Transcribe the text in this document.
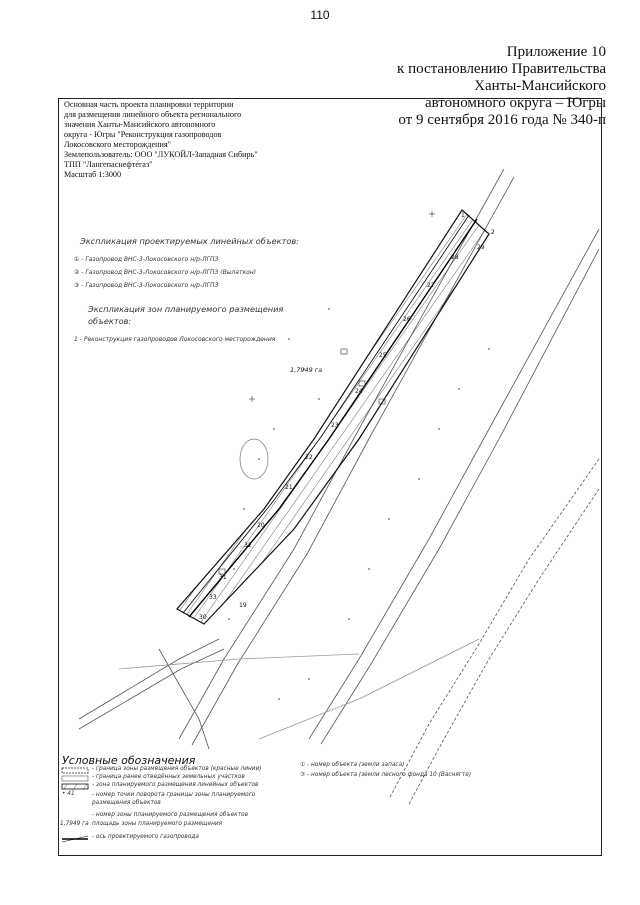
110
Приложение 10
к постановлению Правительства
Ханты-Мансийского
автономного округа – Югры
от 9 сентября 2016 года № 340-п
1
2
19
20
21
22
23
24
25
26
27
28
29
30
31
32
33
Основная часть проекта планировки территории
для размещения линейного объекта регионального
значения Ханты-Мансийского автономного
округа - Югры "Реконструкция газопроводов
Локосовского месторождения"
Землепользователь: ООО "ЛУКОЙЛ-Западная Сибирь"
ТПП "Лангепаснефтегаз"
Масштаб 1:3000
Экспликация проектируемых линейных объектов:
① - Газопровод ВНС-3-Локосовского н/р-ЛГПЗ
② - Газопровод ВНС-3-Локосовского н/р-ЛГПЗ (Вылаткон)
③ - Газопровод ВНС-3-Локосовского н/р-ЛГПЗ
Экспликация зон планируемого размещения
объектов:
1 - Реконструкция газопроводов Локосовского месторождения
1,7949 га
Условные обозначения
• 41
1,7949 га
- граница зоны размещения объектов (красные линии)
- граница ранее отведённых земельных участков
- зона планируемого размещения линейных объектов
- номер точки поворота границы зоны планируемого
размещения объектов
- номер зоны планируемого размещения объектов
площадь зоны планируемого размещения
- ось проектируемого газопровода
① - номер объекта (земли запаса)
③ - номер объекта (земли лесного фонда 10 (Васнягте)
